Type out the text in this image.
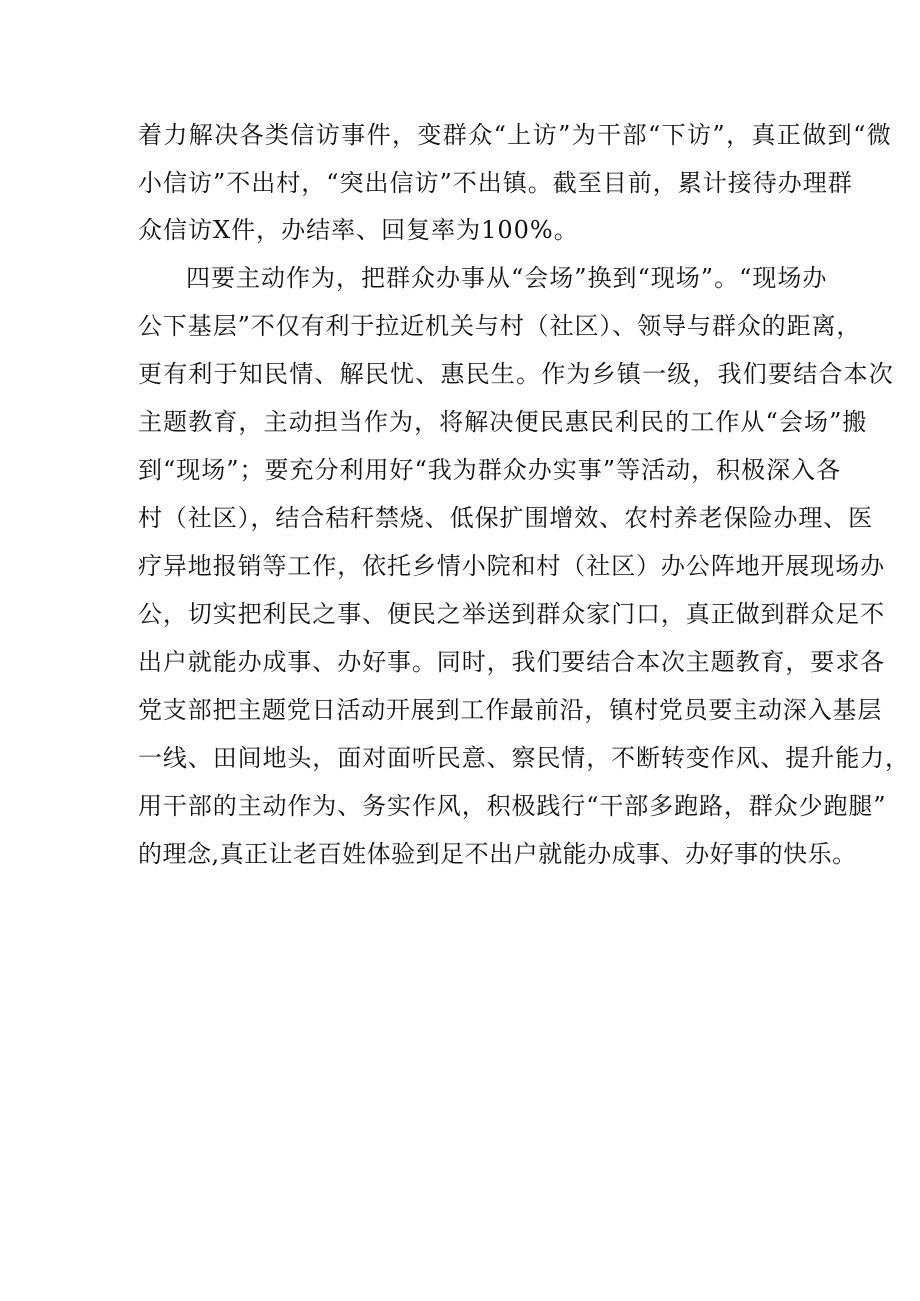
着力解决各类信访事件，变群众“上访”为干部“下访”，真正做到“微

小信访”不出村，“突出信访”不出镇。截至目前，累计接待办理群

众信访X件，办结率、回复率为100%。

四要主动作为，把群众办事从“会场”换到“现场”。“现场办

公下基层”不仅有利于拉近机关与村（社区）、领导与群众的距离，

更有利于知民情、解民忧、惠民生。作为乡镇一级，我们要结合本次

主题教育，主动担当作为，将解决便民惠民利民的工作从“会场”搬

到“现场”；要充分利用好“我为群众办实事”等活动，积极深入各

村（社区），结合秸秆禁烧、低保扩围增效、农村养老保险办理、医

疗异地报销等工作，依托乡情小院和村（社区）办公阵地开展现场办

公，切实把利民之事、便民之举送到群众家门口，真正做到群众足不

出户就能办成事、办好事。同时，我们要结合本次主题教育，要求各

党支部把主题党日活动开展到工作最前沿，镇村党员要主动深入基层

一线、田间地头，面对面听民意、察民情，不断转变作风、提升能力，

用干部的主动作为、务实作风，积极践行“干部多跑路，群众少跑腿”

的理念,真正让老百姓体验到足不出户就能办成事、办好事的快乐。
